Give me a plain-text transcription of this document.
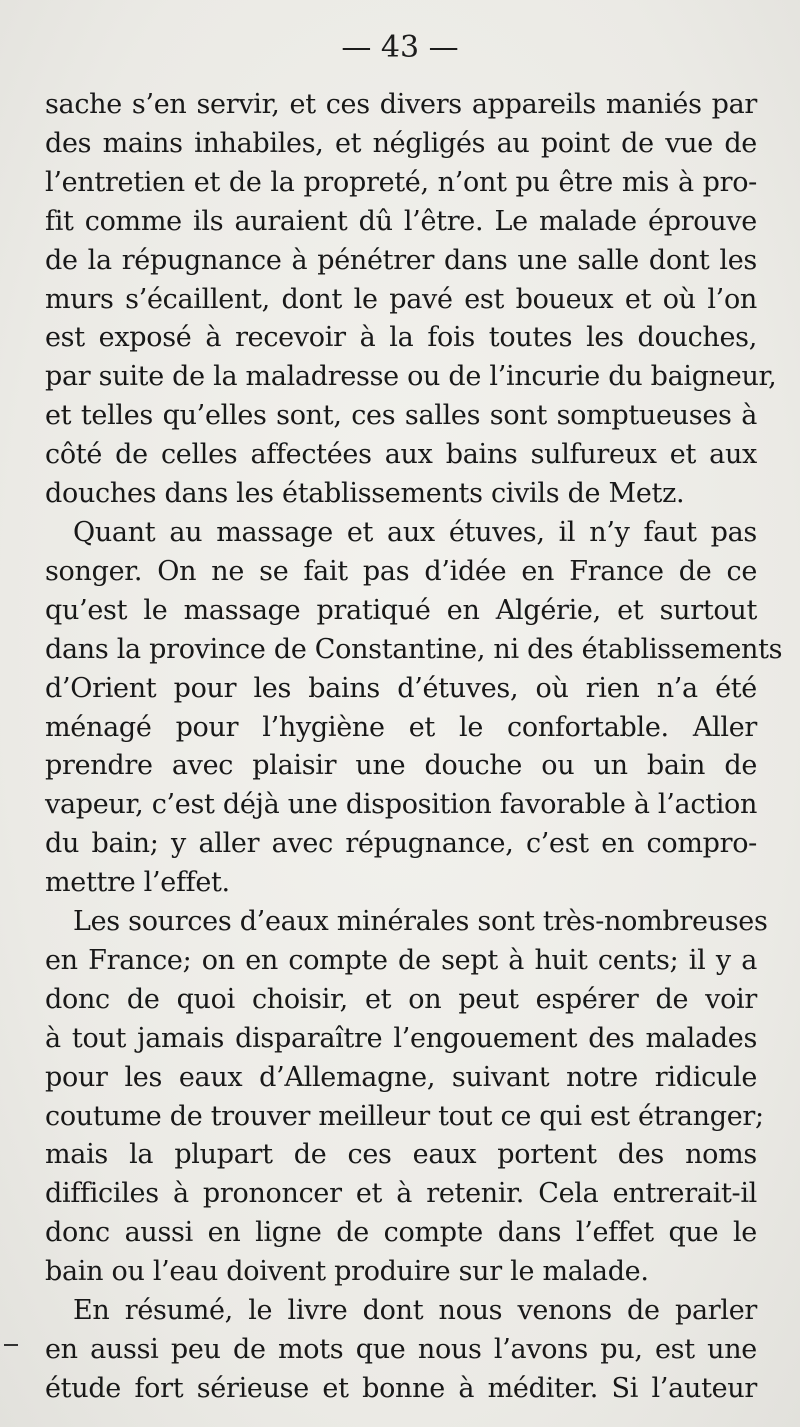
— 43 —

sache s’en servir, et ces divers appareils maniés par
des mains inhabiles, et négligés au point de vue de
l’entretien et de la propreté, n’ont pu être mis à pro-
fit comme ils auraient dû l’être. Le malade éprouve
de la répugnance à pénétrer dans une salle dont les
murs s’écaillent, dont le pavé est boueux et où l’on
est exposé à recevoir à la fois toutes les douches,
par suite de la maladresse ou de l’incurie du baigneur,
et telles qu’elles sont, ces salles sont somptueuses à
côté de celles affectées aux bains sulfureux et aux
douches dans les établissements civils de Metz.

Quant au massage et aux étuves, il n’y faut pas
songer. On ne se fait pas d’idée en France de ce
qu’est le massage pratiqué en Algérie, et surtout
dans la province de Constantine, ni des établissements
d’Orient pour les bains d’étuves, où rien n’a été
ménagé pour l’hygiène et le confortable. Aller
prendre avec plaisir une douche ou un bain de
vapeur, c’est déjà une disposition favorable à l’action
du bain; y aller avec répugnance, c’est en compro-
mettre l’effet.

Les sources d’eaux minérales sont très-nombreuses
en France; on en compte de sept à huit cents; il y a
donc de quoi choisir, et on peut espérer de voir
à tout jamais disparaître l’engouement des malades
pour les eaux d’Allemagne, suivant notre ridicule
coutume de trouver meilleur tout ce qui est étranger;
mais la plupart de ces eaux portent des noms
difficiles à prononcer et à retenir. Cela entrerait-il
donc aussi en ligne de compte dans l’effet que le
bain ou l’eau doivent produire sur le malade.

En résumé, le livre dont nous venons de parler
en aussi peu de mots que nous l’avons pu, est une
étude fort sérieuse et bonne à méditer. Si l’auteur
